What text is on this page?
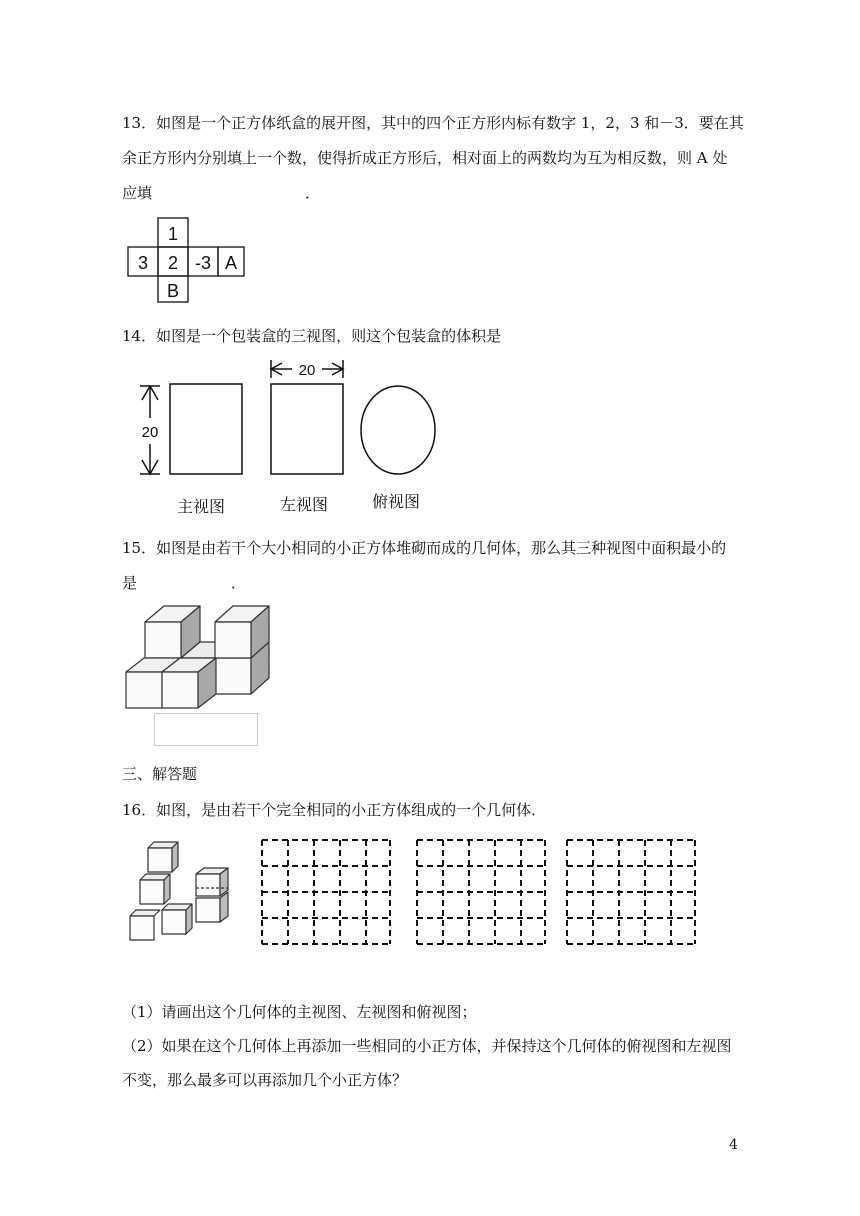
13．如图是一个正方体纸盒的展开图，其中的四个正方形内标有数字 1，2，3 和－3．要在其
余正方形内分别填上一个数，使得折成正方形后，相对面上的两数均为互为相反数，则 A 处
应填	．
1
3 2 -3 A
B
14．如图是一个包装盒的三视图，则这个包装盒的体积是
20
20
主视图	左视图	俯视图
15．如图是由若干个大小相同的小正方体堆砌而成的几何体，那么其三种视图中面积最小的
是	．
三、解答题
16．如图，是由若干个完全相同的小正方体组成的一个几何体．
（1）请画出这个几何体的主视图、左视图和俯视图；
（2）如果在这个几何体上再添加一些相同的小正方体，并保持这个几何体的俯视图和左视图
不变，那么最多可以再添加几个小正方体？
4
